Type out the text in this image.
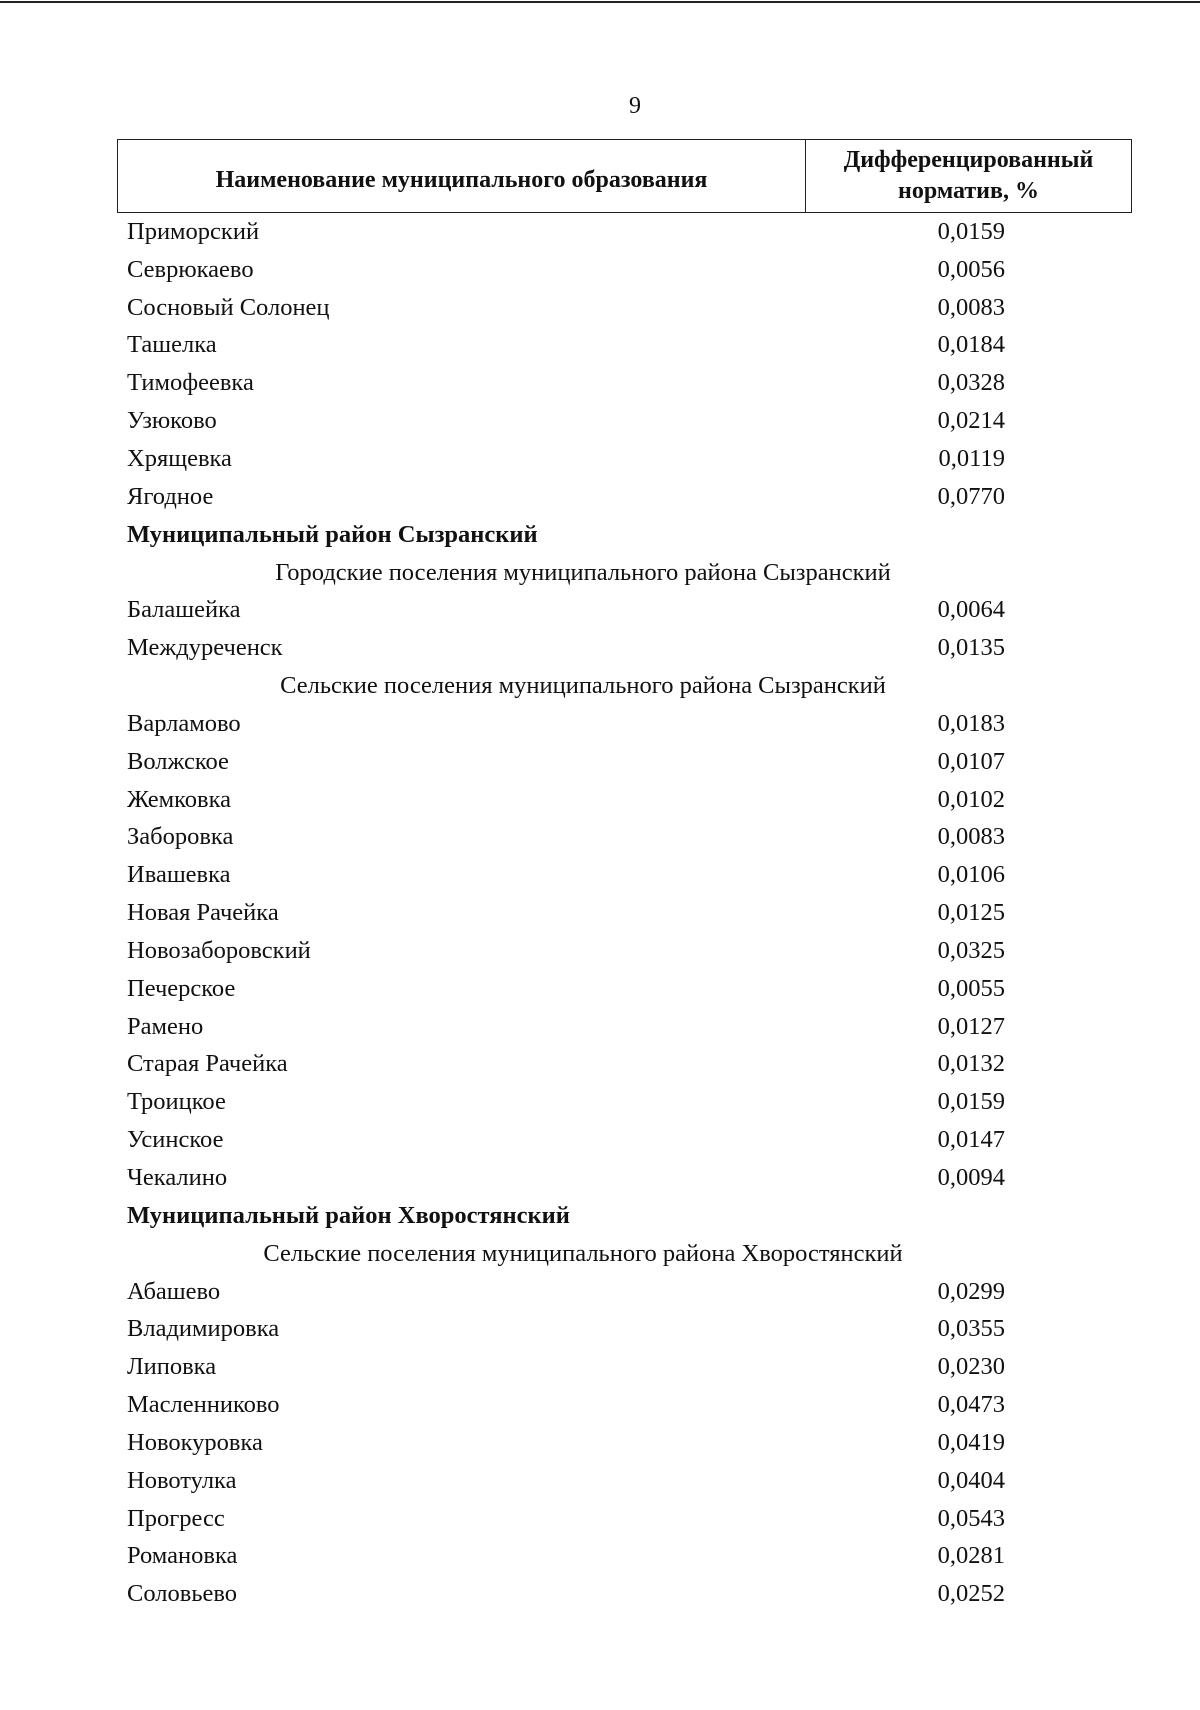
9
Наименование муниципального образования
Дифференцированный
норматив, %
Приморский	0,0159
Севрюкаево	0,0056
Сосновый Солонец	0,0083
Ташелка	0,0184
Тимофеевка	0,0328
Узюково	0,0214
Хрящевка	0,0119
Ягодное	0,0770
Муниципальный район Сызранский
Городские поселения муниципального района Сызранский
Балашейка	0,0064
Междуреченск	0,0135
Сельские поселения муниципального района Сызранский
Варламово	0,0183
Волжское	0,0107
Жемковка	0,0102
Заборовка	0,0083
Ивашевка	0,0106
Новая Рачейка	0,0125
Новозаборовский	0,0325
Печерское	0,0055
Рамено	0,0127
Старая Рачейка	0,0132
Троицкое	0,0159
Усинское	0,0147
Чекалино	0,0094
Муниципальный район Хворостянский
Сельские поселения муниципального района Хворостянский
Абашево	0,0299
Владимировка	0,0355
Липовка	0,0230
Масленниково	0,0473
Новокуровка	0,0419
Новотулка	0,0404
Прогресс	0,0543
Романовка	0,0281
Соловьево	0,0252
